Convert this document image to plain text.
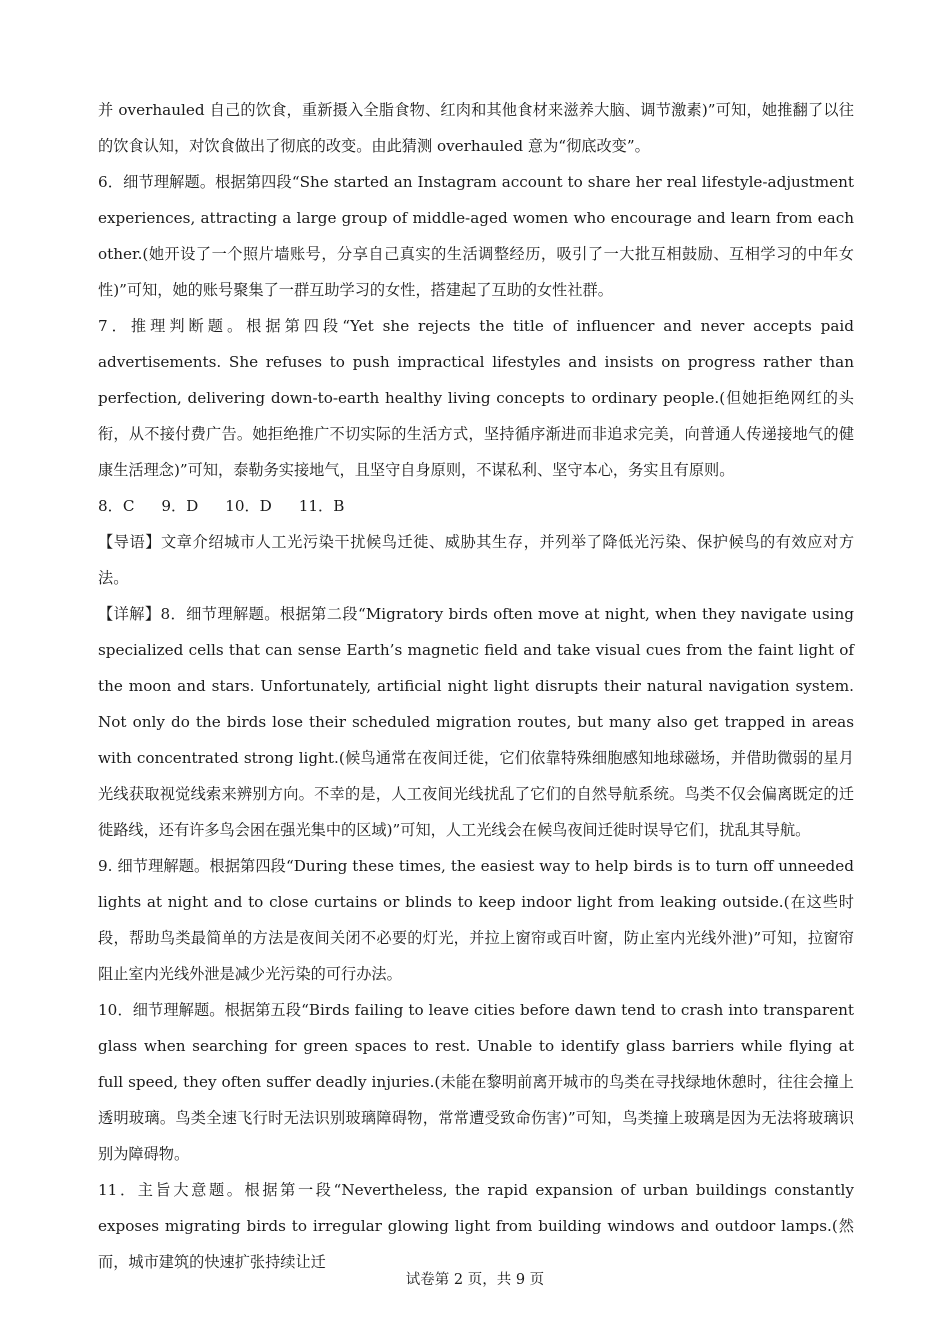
并 overhauled 自己的饮食，重新摄入全脂食物、红肉和其他食材来滋养大脑、调节激素)”可知，她推翻了以往的饮食认知，对饮食做出了彻底的改变。由此猜测 overhauled 意为“彻底改变”。

6．细节理解题。根据第四段“She started an Instagram account to share her real lifestyle-adjustment experiences, attracting a large group of middle-aged women who encourage and learn from each other.(她开设了一个照片墙账号，分享自己真实的生活调整经历，吸引了一大批互相鼓励、互相学习的中年女性)”可知，她的账号聚集了一群互助学习的女性，搭建起了互助的女性社群。

7．推理判断题。根据第四段“Yet she rejects the title of influencer and never accepts paid advertisements. She refuses to push impractical lifestyles and insists on progress rather than perfection, delivering down-to-earth healthy living concepts to ordinary people.(但她拒绝网红的头衔，从不接付费广告。她拒绝推广不切实际的生活方式，坚持循序渐进而非追求完美，向普通人传递接地气的健康生活理念)”可知，泰勒务实接地气，且坚守自身原则，不谋私利、坚守本心，务实且有原则。

8．C 9．D 10．D 11．B

【导语】文章介绍城市人工光污染干扰候鸟迁徙、威胁其生存，并列举了降低光污染、保护候鸟的有效应对方法。

【详解】8．细节理解题。根据第二段“Migratory birds often move at night, when they navigate using specialized cells that can sense Earth’s magnetic field and take visual cues from the faint light of the moon and stars. Unfortunately, artificial night light disrupts their natural navigation system. Not only do the birds lose their scheduled migration routes, but many also get trapped in areas with concentrated strong light.(候鸟通常在夜间迁徙，它们依靠特殊细胞感知地球磁场，并借助微弱的星月光线获取视觉线索来辨别方向。不幸的是，人工夜间光线扰乱了它们的自然导航系统。鸟类不仅会偏离既定的迁徙路线，还有许多鸟会困在强光集中的区域)”可知，人工光线会在候鸟夜间迁徙时误导它们，扰乱其导航。

9. 细节理解题。根据第四段“During these times, the easiest way to help birds is to turn off unneeded lights at night and to close curtains or blinds to keep indoor light from leaking outside.(在这些时段，帮助鸟类最简单的方法是夜间关闭不必要的灯光，并拉上窗帘或百叶窗，防止室内光线外泄)”可知，拉窗帘阻止室内光线外泄是减少光污染的可行办法。

10．细节理解题。根据第五段“Birds failing to leave cities before dawn tend to crash into transparent glass when searching for green spaces to rest. Unable to identify glass barriers while flying at full speed, they often suffer deadly injuries.(未能在黎明前离开城市的鸟类在寻找绿地休憩时，往往会撞上透明玻璃。鸟类全速飞行时无法识别玻璃障碍物，常常遭受致命伤害)”可知，鸟类撞上玻璃是因为无法将玻璃识别为障碍物。

11．主旨大意题。根据第一段“Nevertheless, the rapid expansion of urban buildings constantly exposes migrating birds to irregular glowing light from building windows and outdoor lamps.(然而，城市建筑的快速扩张持续让迁

试卷第 2 页，共 9 页
